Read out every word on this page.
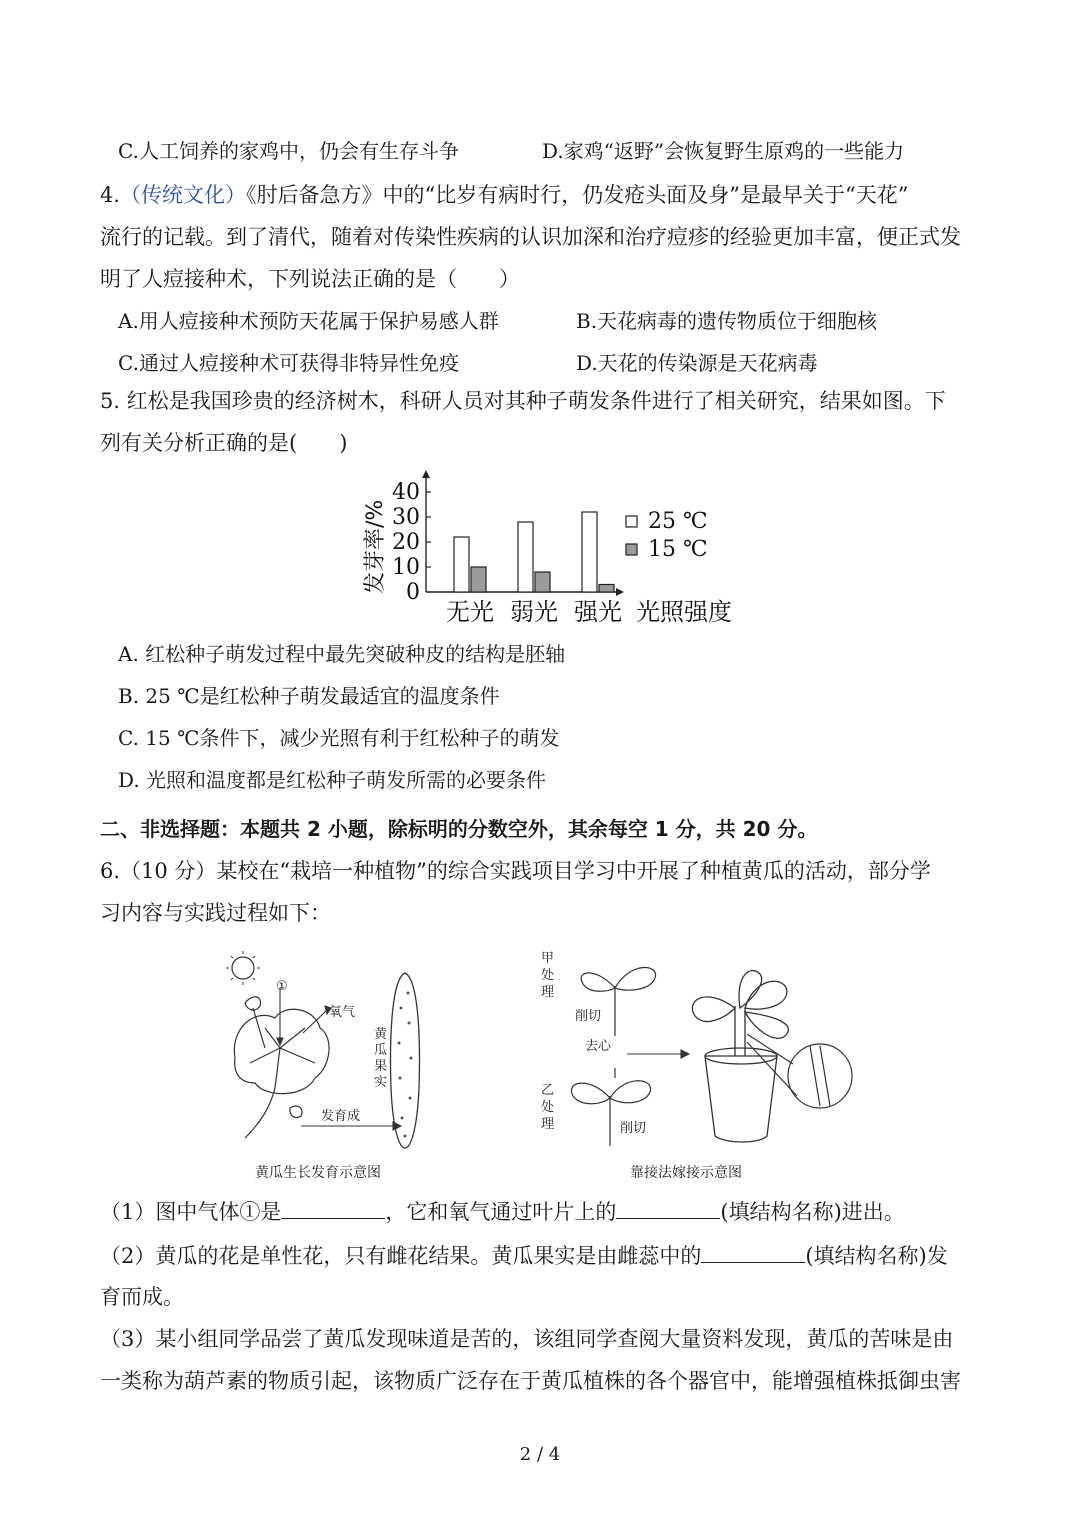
C.人工饲养的家鸡中，仍会有生存斗争	D.家鸡“返野”会恢复野生原鸡的一些能力
4.（传统文化）《肘后备急方》中的“比岁有病时行，仍发疮头面及身”是最早关于“天花”
流行的记载。到了清代，随着对传染性疾病的认识加深和治疗痘疹的经验更加丰富，便正式发
明了人痘接种术，下列说法正确的是（　　）
A.用人痘接种术预防天花属于保护易感人群	B.天花病毒的遗传物质位于细胞核
C.通过人痘接种术可获得非特异性免疫	D.天花的传染源是天花病毒
5. 红松是我国珍贵的经济树木，科研人员对其种子萌发条件进行了相关研究，结果如图。下
列有关分析正确的是(　　)
0
10
20
30
40
发芽率/%
无光 弱光 强光 光照强度
25 ℃
15 ℃
A. 红松种子萌发过程中最先突破种皮的结构是胚轴
B. 25 ℃是红松种子萌发最适宜的温度条件
C. 15 ℃条件下，减少光照有利于红松种子的萌发
D. 光照和温度都是红松种子萌发所需的必要条件
二、非选择题：本题共 2 小题，除标明的分数空外，其余每空 1 分，共 20 分。
6.（10 分）某校在“栽培一种植物”的综合实践项目学习中开展了种植黄瓜的活动，部分学
习内容与实践过程如下：
①
氧气
发育成
黄瓜果实
黄瓜生长发育示意图
甲处理
乙处理
削切
去心
削切
靠接法嫁接示意图
（1）图中气体①是	，它和氧气通过叶片上的	(填结构名称)进出。
（2）黄瓜的花是单性花，只有雌花结果。黄瓜果实是由雌蕊中的	(填结构名称)发
育而成。
（3）某小组同学品尝了黄瓜发现味道是苦的，该组同学查阅大量资料发现，黄瓜的苦味是由
一类称为葫芦素的物质引起，该物质广泛存在于黄瓜植株的各个器官中，能增强植株抵御虫害
2 / 4
